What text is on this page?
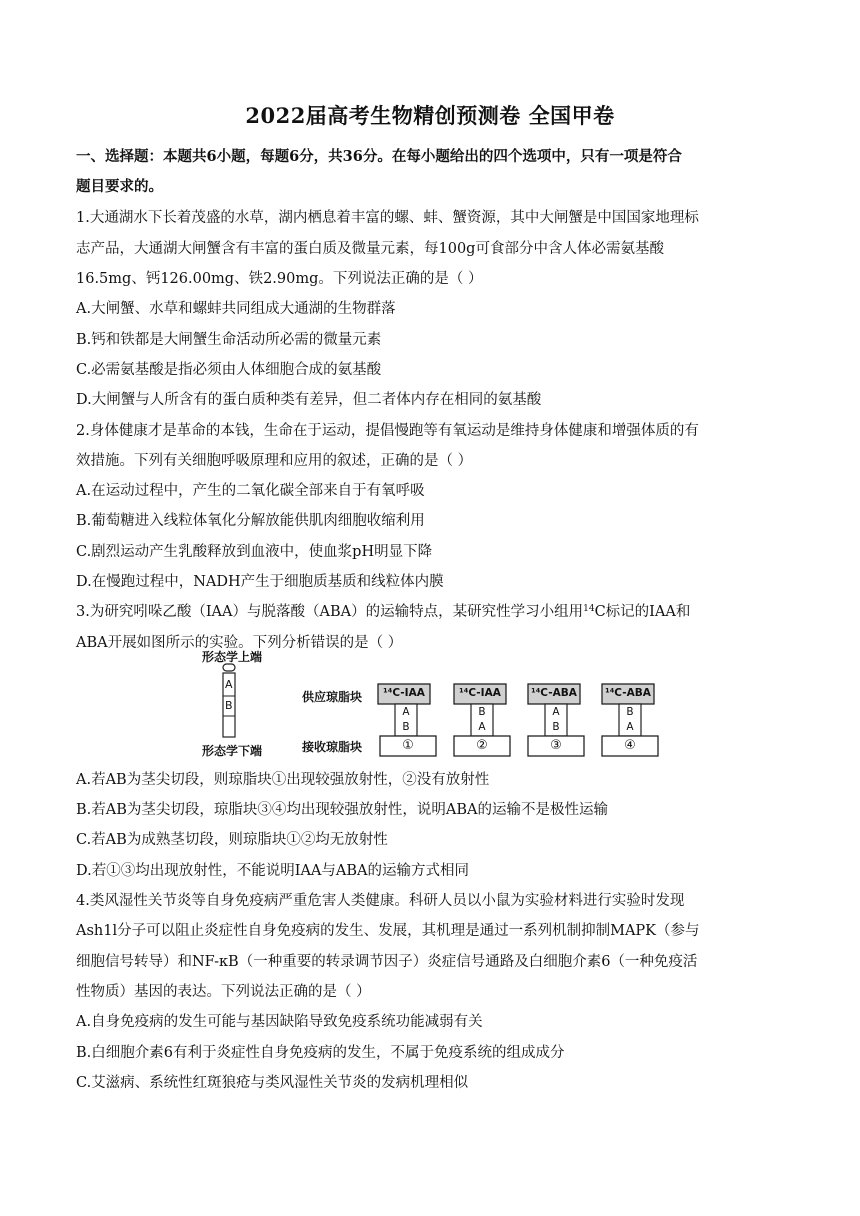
2022届高考生物精创预测卷 全国甲卷
一、选择题：本题共6小题，每题6分，共36分。在每小题给出的四个选项中，只有一项是符合
题目要求的。
1.大通湖水下长着茂盛的水草，湖内栖息着丰富的螺、蚌、蟹资源，其中大闸蟹是中国国家地理标
志产品，大通湖大闸蟹含有丰富的蛋白质及微量元素，每100g可食部分中含人体必需氨基酸
16.5mg、钙126.00mg、铁2.90mg。下列说法正确的是（ ）
A.大闸蟹、水草和螺蚌共同组成大通湖的生物群落
B.钙和铁都是大闸蟹生命活动所必需的微量元素
C.必需氨基酸是指必须由人体细胞合成的氨基酸
D.大闸蟹与人所含有的蛋白质种类有差异，但二者体内存在相同的氨基酸
2.身体健康才是革命的本钱，生命在于运动，提倡慢跑等有氧运动是维持身体健康和增强体质的有
效措施。下列有关细胞呼吸原理和应用的叙述，正确的是（ ）
A.在运动过程中，产生的二氧化碳全部来自于有氧呼吸
B.葡萄糖进入线粒体氧化分解放能供肌肉细胞收缩利用
C.剧烈运动产生乳酸释放到血液中，使血浆pH明显下降
D.在慢跑过程中，NADH产生于细胞质基质和线粒体内膜
3.为研究吲哚乙酸（IAA）与脱落酸（ABA）的运输特点，某研究性学习小组用$^{14}$C标记的IAA和
ABA开展如图所示的实验。下列分析错误的是（ ）
形态学上端
形态学下端
A
B
供应琼脂块
接收琼脂块
¹⁴C-IAA
A
B
①
¹⁴C-IAA
B
A
②
¹⁴C-ABA
A
B
③
¹⁴C-ABA
B
A
④
A.若AB为茎尖切段，则琼脂块①出现较强放射性，②没有放射性
B.若AB为茎尖切段，琼脂块③④均出现较强放射性，说明ABA的运输不是极性运输
C.若AB为成熟茎切段，则琼脂块①②均无放射性
D.若①③均出现放射性，不能说明IAA与ABA的运输方式相同
4.类风湿性关节炎等自身免疫病严重危害人类健康。科研人员以小鼠为实验材料进行实验时发现
Ash1l分子可以阻止炎症性自身免疫病的发生、发展，其机理是通过一系列机制抑制MAPK（参与
细胞信号转导）和NF-κB（一种重要的转录调节因子）炎症信号通路及白细胞介素6（一种免疫活
性物质）基因的表达。下列说法正确的是（ ）
A.自身免疫病的发生可能与基因缺陷导致免疫系统功能减弱有关
B.白细胞介素6有利于炎症性自身免疫病的发生，不属于免疫系统的组成成分
C.艾滋病、系统性红斑狼疮与类风湿性关节炎的发病机理相似
